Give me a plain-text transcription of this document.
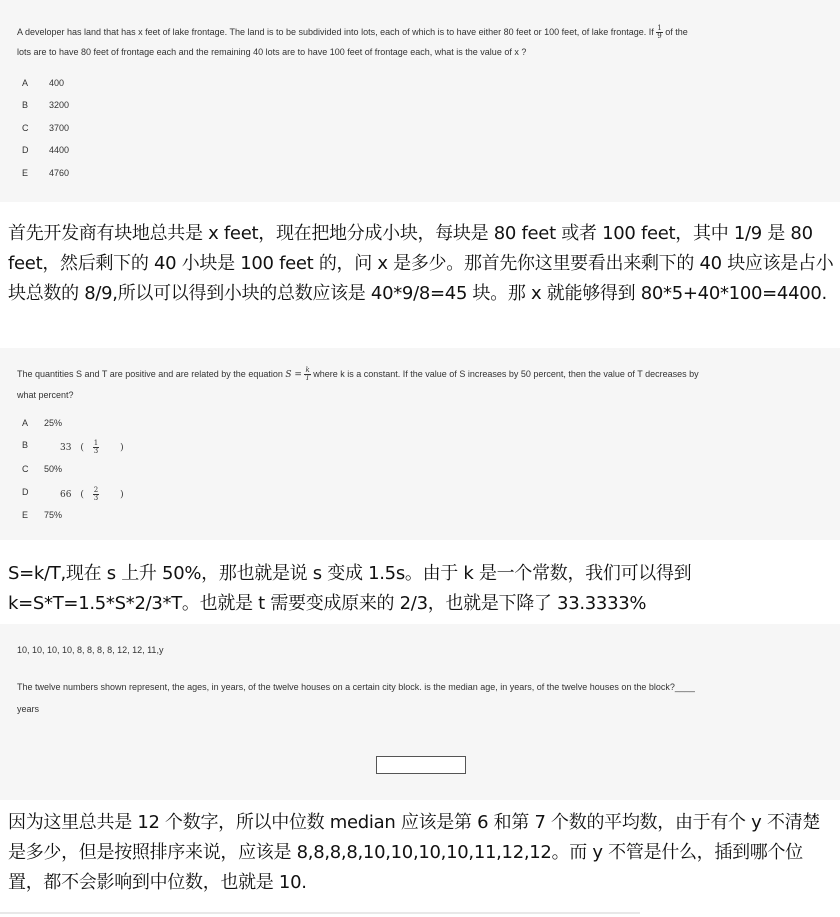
A developer has land that has x feet of lake frontage. The land is to be subdivided into lots, each of which is to have either 80 feet or 100 feet, of lake frontage. If $\frac{1}{9}$ of the
lots are to have 80 feet of frontage each and the remaining 40 lots are to have 100 feet of frontage each, what is the value of x ?
A 400
B 3200
C 3700
D 4400
E 4760
首先开发商有块地总共是 x feet，现在把地分成小块，每块是 80 feet 或者 100 feet，其中 1/9 是 80 feet，然后剩下的 40 小块是 100 feet 的，问 x 是多少。那首先你这里要看出来剩下的 40 块应该是占小块总数的 8/9,所以可以得到小块的总数应该是 40*9/8=45 块。那 x 就能够得到 80*5+40*100=4400.
The quantities S and T are positive and are related by the equation $S = \frac{k}{T}$ where k is a constant. If the value of S increases by 50 percent, then the value of T decreases by
what percent?
A 25%
B	33 ( $\frac{1}{3}$ )
C 50%
D	66 ( $\frac{2}{3}$ )
E 75%
S=k/T,现在 s 上升 50%，那也就是说 s 变成 1.5s。由于 k 是一个常数，我们可以得到 k=S*T=1.5*S*2/3*T。也就是 t 需要变成原来的 2/3，也就是下降了 33.3333%
10, 10, 10, 10, 8, 8, 8, 8, 12, 12, 11,y
The twelve numbers shown represent, the ages, in years, of the twelve houses on a certain city block. is the median age, in years, of the twelve houses on the block?____
years
因为这里总共是 12 个数字，所以中位数 median 应该是第 6 和第 7 个数的平均数，由于有个 y 不清楚是多少，但是按照排序来说，应该是 8,8,8,8,10,10,10,10,11,12,12。而 y 不管是什么，插到哪个位置，都不会影响到中位数，也就是 10.
